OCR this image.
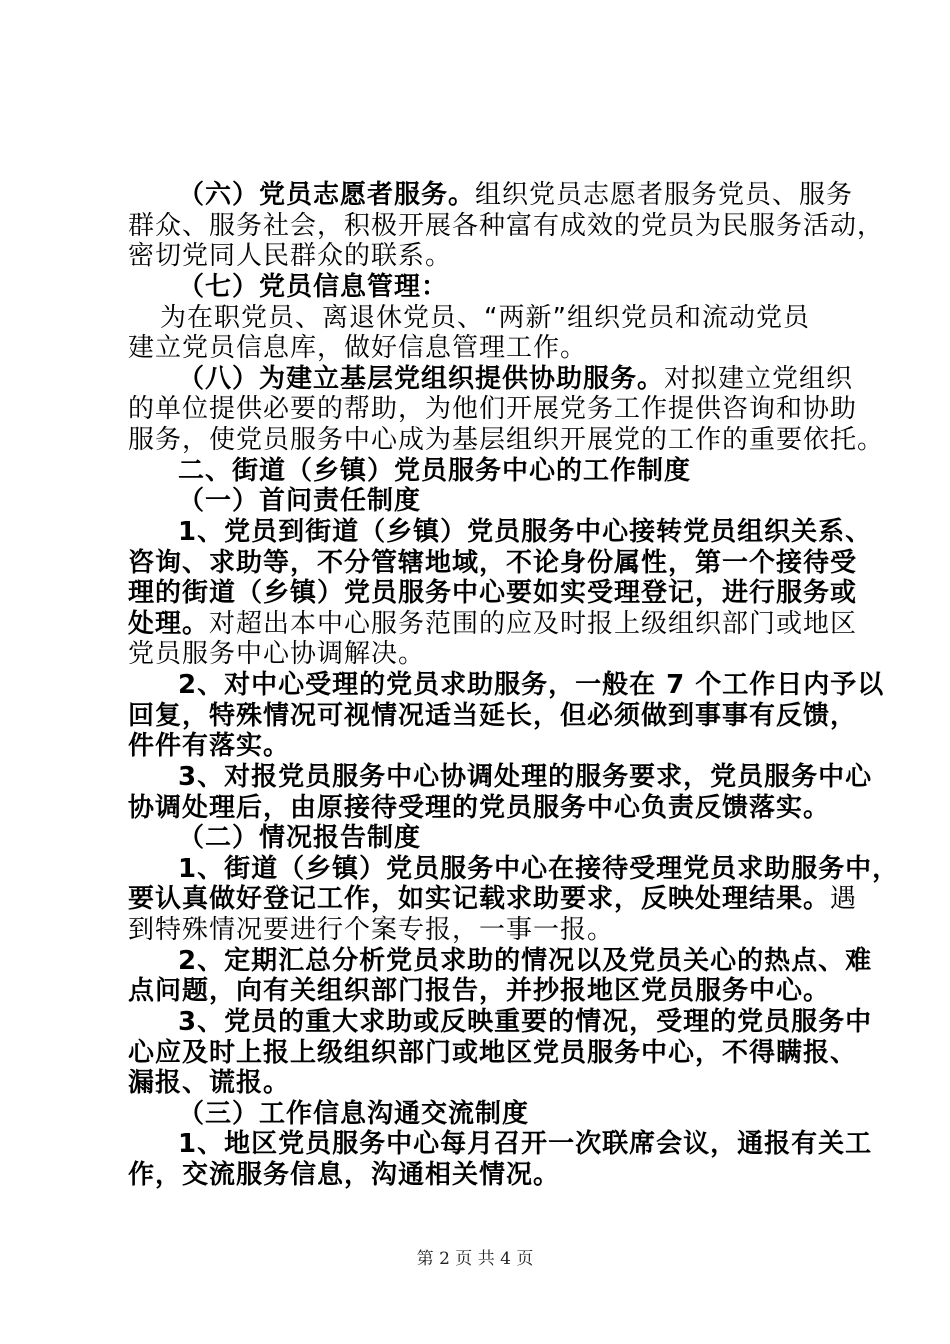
（六）党员志愿者服务。组织党员志愿者服务党员、服务
群众、服务社会，积极开展各种富有成效的党员为民服务活动，
密切党同人民群众的联系。
（七）党员信息管理：
为在职党员、离退休党员、“两新”组织党员和流动党员
建立党员信息库，做好信息管理工作。
（八）为建立基层党组织提供协助服务。对拟建立党组织
的单位提供必要的帮助，为他们开展党务工作提供咨询和协助
服务，使党员服务中心成为基层组织开展党的工作的重要依托。
二、街道（乡镇）党员服务中心的工作制度
（一）首问责任制度
1、党员到街道（乡镇）党员服务中心接转党员组织关系、
咨询、求助等，不分管辖地域，不论身份属性，第一个接待受
理的街道（乡镇）党员服务中心要如实受理登记，进行服务或
处理。对超出本中心服务范围的应及时报上级组织部门或地区
党员服务中心协调解决。
2、对中心受理的党员求助服务，一般在 7 个工作日内予以
回复，特殊情况可视情况适当延长，但必须做到事事有反馈，
件件有落实。
3、对报党员服务中心协调处理的服务要求，党员服务中心
协调处理后，由原接待受理的党员服务中心负责反馈落实。
（二）情况报告制度
1、街道（乡镇）党员服务中心在接待受理党员求助服务中，
要认真做好登记工作，如实记载求助要求，反映处理结果。遇
到特殊情况要进行个案专报，一事一报。
2、定期汇总分析党员求助的情况以及党员关心的热点、难
点问题，向有关组织部门报告，并抄报地区党员服务中心。
3、党员的重大求助或反映重要的情况，受理的党员服务中
心应及时上报上级组织部门或地区党员服务中心，不得瞒报、
漏报、谎报。
（三）工作信息沟通交流制度
1、地区党员服务中心每月召开一次联席会议，通报有关工
作，交流服务信息，沟通相关情况。
第 2 页 共 4 页
